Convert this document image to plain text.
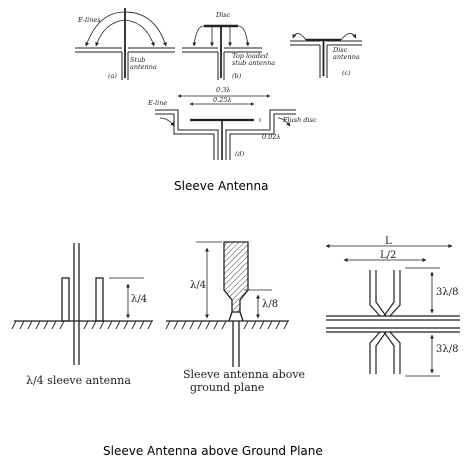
E-lines
Stub
antenna
(a)
Disc
Top loaded
stub antenna
(b)
Disc
antenna
(c)
0.3λ
0.25λ
0.02λ
E-line
Flush disc
(d)
Sleeve Antenna
λ/4
λ/4 sleeve antenna
λ/4
λ/8
Sleeve antenna above
ground plane
L
L/2
3λ/8
3λ/8
Sleeve Antenna above Ground Plane
